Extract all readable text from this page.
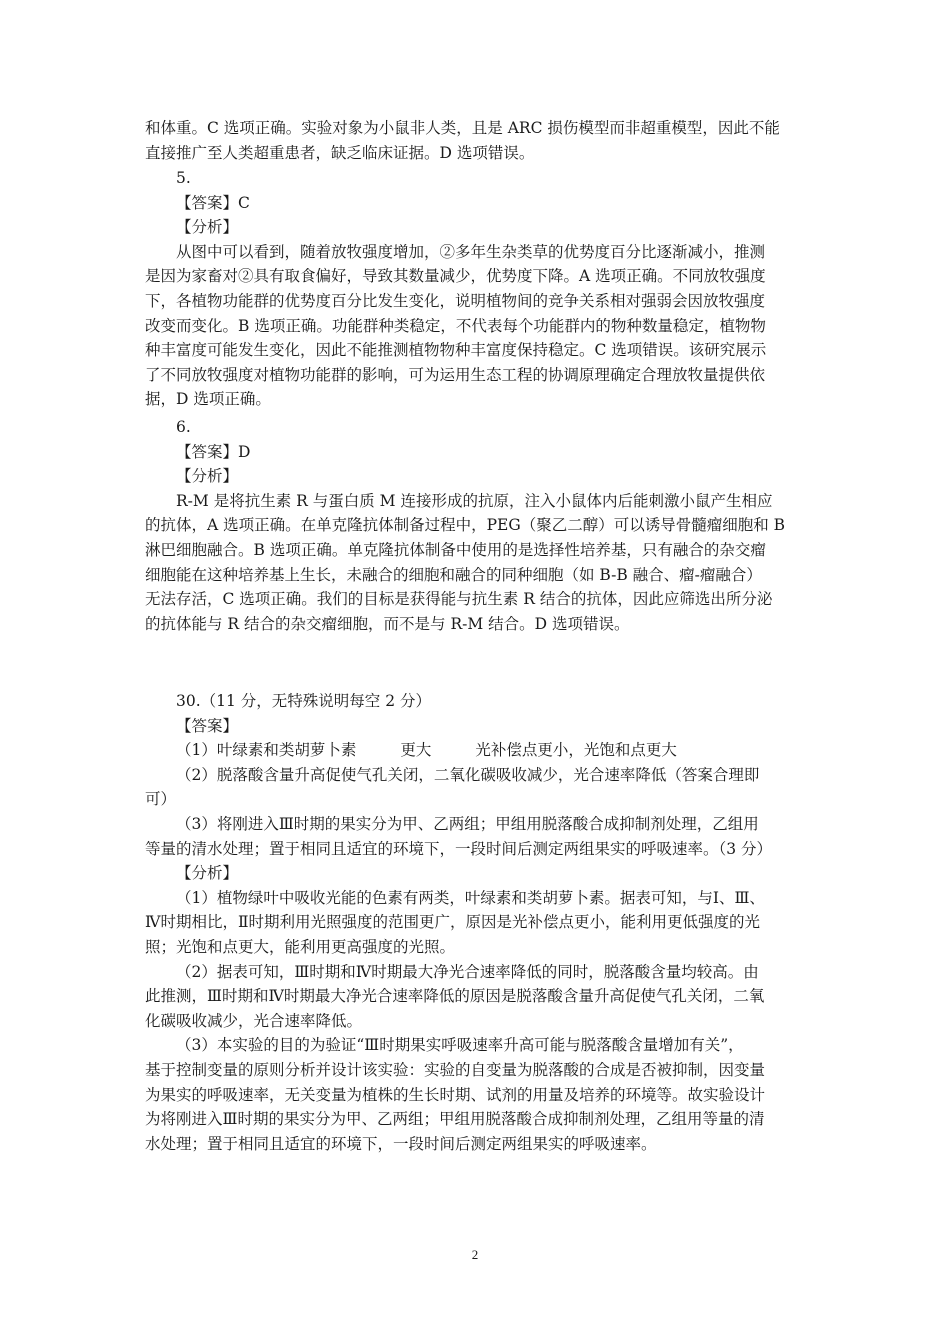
和体重。C 选项正确。实验对象为小鼠非人类，且是 ARC 损伤模型而非超重模型，因此不能
直接推广至人类超重患者，缺乏临床证据。D 选项错误。
5.
【答案】C
【分析】
从图中可以看到，随着放牧强度增加，②多年生杂类草的优势度百分比逐渐减小，推测
是因为家畜对②具有取食偏好，导致其数量减少，优势度下降。A 选项正确。不同放牧强度
下，各植物功能群的优势度百分比发生变化，说明植物间的竞争关系相对强弱会因放牧强度
改变而变化。B 选项正确。功能群种类稳定，不代表每个功能群内的物种数量稳定，植物物
种丰富度可能发生变化，因此不能推测植物物种丰富度保持稳定。C 选项错误。该研究展示
了不同放牧强度对植物功能群的影响，可为运用生态工程的协调原理确定合理放牧量提供依
据，D 选项正确。
6.
【答案】D
【分析】
R-M 是将抗生素 R 与蛋白质 M 连接形成的抗原，注入小鼠体内后能刺激小鼠产生相应
的抗体，A 选项正确。在单克隆抗体制备过程中，PEG（聚乙二醇）可以诱导骨髓瘤细胞和 B
淋巴细胞融合。B 选项正确。单克隆抗体制备中使用的是选择性培养基，只有融合的杂交瘤
细胞能在这种培养基上生长，未融合的细胞和融合的同种细胞（如 B-B 融合、瘤-瘤融合）
无法存活，C 选项正确。我们的目标是获得能与抗生素 R 结合的抗体，因此应筛选出所分泌
的抗体能与 R 结合的杂交瘤细胞，而不是与 R-M 结合。D 选项错误。
30.（11 分，无特殊说明每空 2 分）
【答案】
（1）叶绿素和类胡萝卜素	更大	光补偿点更小，光饱和点更大
（2）脱落酸含量升高促使气孔关闭，二氧化碳吸收减少，光合速率降低（答案合理即
可）
（3）将刚进入Ⅲ时期的果实分为甲、乙两组；甲组用脱落酸合成抑制剂处理，乙组用
等量的清水处理；置于相同且适宜的环境下，一段时间后测定两组果实的呼吸速率。（3 分）
【分析】
（1）植物绿叶中吸收光能的色素有两类，叶绿素和类胡萝卜素。据表可知，与Ⅰ、Ⅲ、
Ⅳ时期相比，Ⅱ时期利用光照强度的范围更广，原因是光补偿点更小，能利用更低强度的光
照；光饱和点更大，能利用更高强度的光照。
（2）据表可知，Ⅲ时期和Ⅳ时期最大净光合速率降低的同时，脱落酸含量均较高。由
此推测，Ⅲ时期和Ⅳ时期最大净光合速率降低的原因是脱落酸含量升高促使气孔关闭，二氧
化碳吸收减少，光合速率降低。
（3）本实验的目的为验证“Ⅲ时期果实呼吸速率升高可能与脱落酸含量增加有关”，
基于控制变量的原则分析并设计该实验：实验的自变量为脱落酸的合成是否被抑制，因变量
为果实的呼吸速率，无关变量为植株的生长时期、试剂的用量及培养的环境等。故实验设计
为将刚进入Ⅲ时期的果实分为甲、乙两组；甲组用脱落酸合成抑制剂处理，乙组用等量的清
水处理；置于相同且适宜的环境下，一段时间后测定两组果实的呼吸速率。
2
